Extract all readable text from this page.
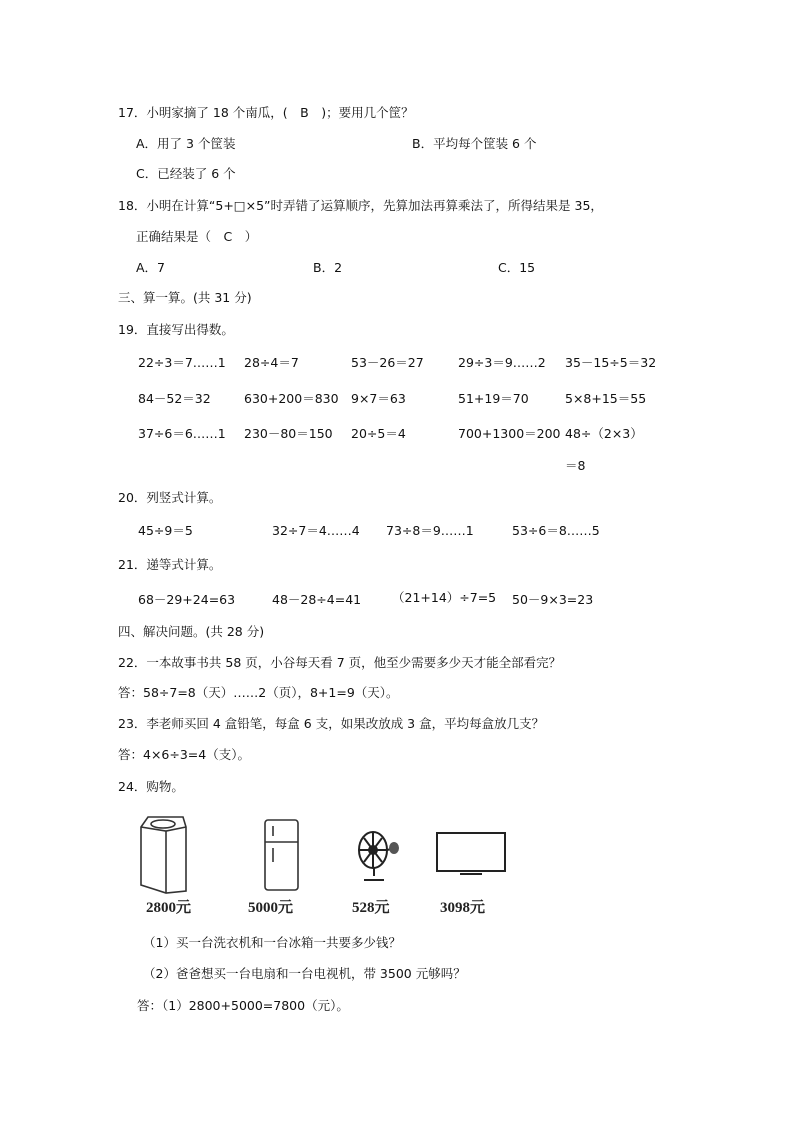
17．小明家摘了 18 个南瓜，(　B　)；要用几个筐？
A．用了 3 个筐装	B．平均每个筐装 6 个
C．已经装了 6 个
18．小明在计算“5+□×5”时弄错了运算顺序，先算加法再算乘法了，所得结果是 35，
正确结果是（　C　）
A．7	B．2	C．15
三、算一算。(共 31 分)
19．直接写出得数。
22÷3＝7……1 28÷4＝7	53－26＝27	29÷3＝9……2 35－15÷5＝32
84－52＝32	630+200＝830 9×7＝63	51+19＝70	5×8+15＝55
37÷6＝6……1 230－80＝150 20÷5＝4	700+1300＝200 48÷（2×3）
＝8
20．列竖式计算。
45÷9＝5	32÷7＝4……4 73÷8＝9……1	53÷6＝8……5
21．递等式计算。
68－29+24=63	48－28÷4=41 （21+14）÷7=5 50－9×3=23
四、解决问题。(共 28 分)
22．一本故事书共 58 页，小谷每天看 7 页，他至少需要多少天才能全部看完？
答：58÷7=8（天）……2（页），8+1=9（天）。
23．李老师买回 4 盒铅笔，每盒 6 支，如果改放成 3 盒，平均每盒放几支？
答：4×6÷3=4（支）。
24．购物。
2800元	5000元	528元	3098元
（1）买一台洗衣机和一台冰箱一共要多少钱？
（2）爸爸想买一台电扇和一台电视机，带 3500 元够吗？
答：（1）2800+5000=7800（元）。
